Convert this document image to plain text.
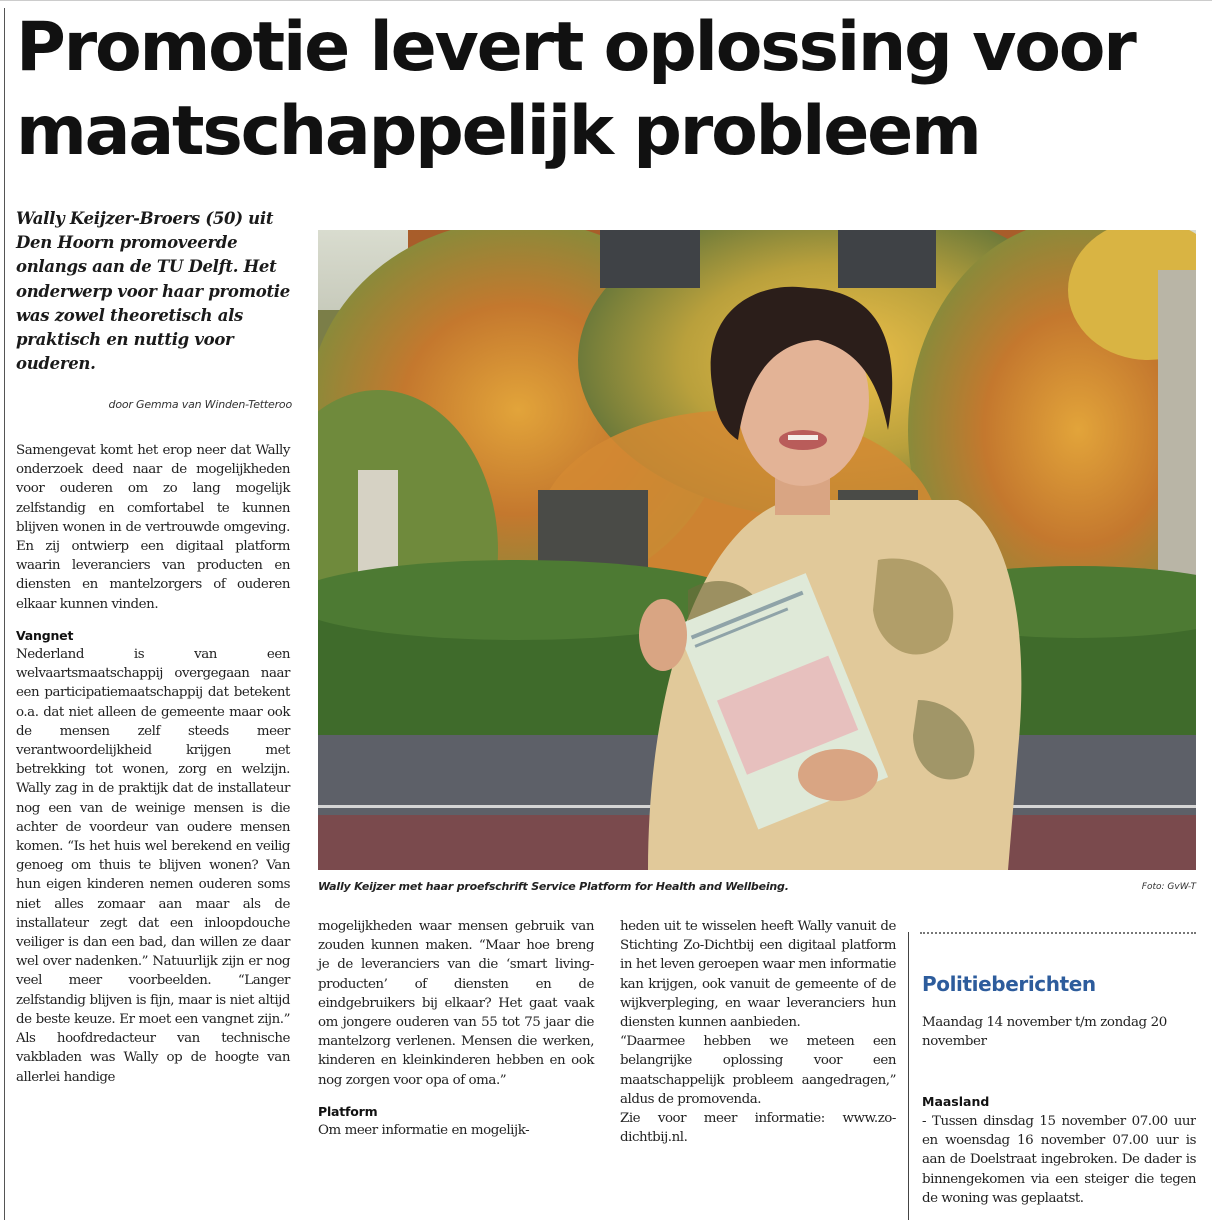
Promotie levert oplossing voor maatschappelijk probleem

Wally Keijzer-Broers (50) uit Den Hoorn promoveerde onlangs aan de TU Delft. Het onderwerp voor haar promotie was zowel theoretisch als praktisch en nuttig voor ouderen.

door Gemma van Winden-Tetteroo

Samengevat komt het erop neer dat Wally onderzoek deed naar de mogelijkheden voor ouderen om zo lang mogelijk zelfstandig en comfortabel te kunnen blijven wonen in de vertrouwde omgeving. En zij ontwierp een digitaal platform waarin leveranciers van producten en diensten en mantelzorgers of ouderen elkaar kunnen vinden.

Vangnet

Nederland is van een welvaartsmaatschappij overgegaan naar een participatiemaatschappij dat betekent o.a. dat niet alleen de gemeente maar ook de mensen zelf steeds meer verantwoordelijkheid krijgen met betrekking tot wonen, zorg en welzijn. Wally zag in de praktijk dat de installateur nog een van de weinige mensen is die achter de voordeur van oudere mensen komen. “Is het huis wel berekend en veilig genoeg om thuis te blijven wonen? Van hun eigen kinderen nemen ouderen soms niet alles zomaar aan maar als de installateur zegt dat een inloopdouche veiliger is dan een bad, dan willen ze daar wel over nadenken.” Natuurlijk zijn er nog veel meer voorbeelden. “Langer zelfstandig blijven is fijn, maar is niet altijd de beste keuze. Er moet een vangnet zijn.” Als hoofdredacteur van technische vakbladen was Wally op de hoogte van allerlei handige

Wally Keijzer met haar proefschrift Service Platform for Health and Wellbeing.	Foto: GvW-T

mogelijkheden waar mensen gebruik van zouden kunnen maken. “Maar hoe breng je de leveranciers van die ‘smart living-producten’ of diensten en de eindgebruikers bij elkaar? Het gaat vaak om jongere ouderen van 55 tot 75 jaar die mantelzorg verlenen. Mensen die werken, kinderen en kleinkinderen hebben en ook nog zorgen voor opa of oma.”

Platform

Om meer informatie en mogelijk-

heden uit te wisselen heeft Wally vanuit de Stichting Zo-Dichtbij een digitaal platform in het leven geroepen waar men informatie kan krijgen, ook vanuit de gemeente of de wijkverpleging, en waar leveranciers hun diensten kunnen aanbieden.

“Daarmee hebben we meteen een belangrijke oplossing voor een maatschappelijk probleem aangedragen,” aldus de promovenda.

Zie voor meer informatie: www.zo-dichtbij.nl.

Politieberichten
Maandag 14 november t/m zondag 20 november
Maasland
- Tussen dinsdag 15 november 07.00 uur en woensdag 16 november 07.00 uur is aan de Doelstraat ingebroken. De dader is binnengekomen via een steiger die tegen de woning was geplaatst.
